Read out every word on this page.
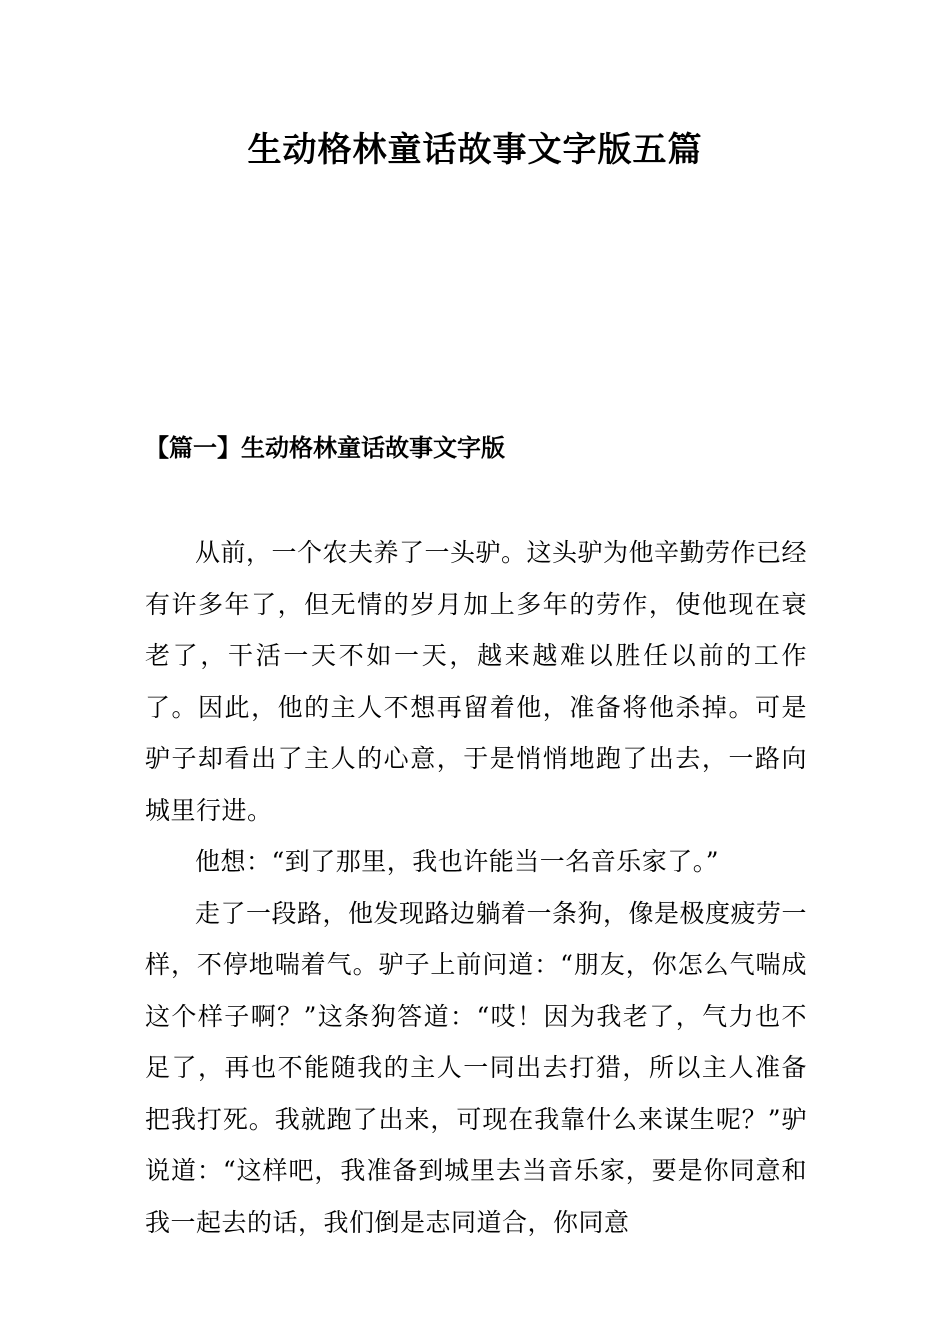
生动格林童话故事文字版五篇
【篇一】生动格林童话故事文字版

从前，一个农夫养了一头驴。这头驴为他辛勤劳作已经有许多年了，但无情的岁月加上多年的劳作，使他现在衰老了，干活一天不如一天，越来越难以胜任以前的工作了。因此，他的主人不想再留着他，准备将他杀掉。可是驴子却看出了主人的心意，于是悄悄地跑了出去，一路向城里行进。

他想：“到了那里，我也许能当一名音乐家了。”

走了一段路，他发现路边躺着一条狗，像是极度疲劳一样，不停地喘着气。驴子上前问道：“朋友，你怎么气喘成这个样子啊？”这条狗答道：“哎！因为我老了，气力也不足了，再也不能随我的主人一同出去打猎，所以主人准备把我打死。我就跑了出来，可现在我靠什么来谋生呢？”驴说道：“这样吧，我准备到城里去当音乐家，要是你同意和我一起去的话，我们倒是志同道合，你同意
